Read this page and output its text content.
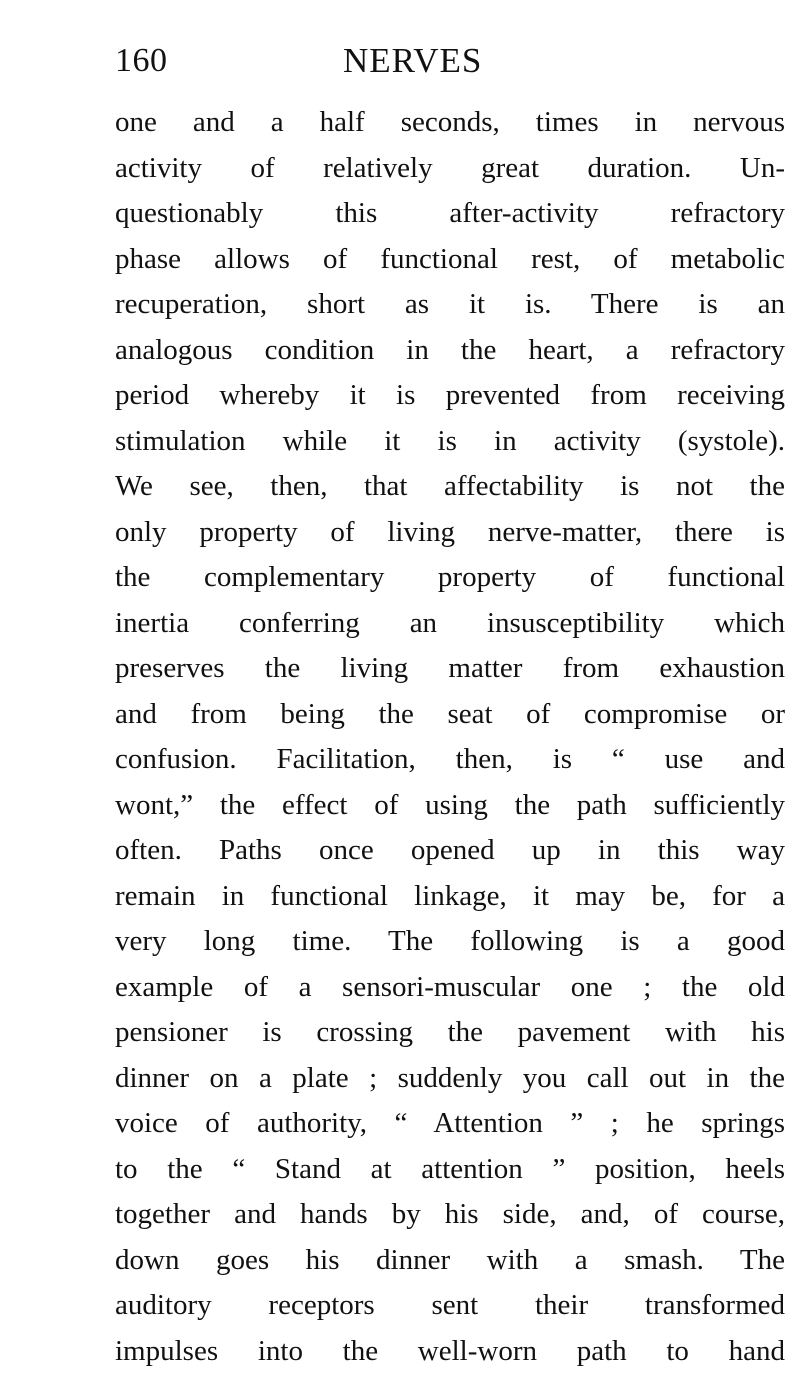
160	NERVES
one and a half seconds, times in nervous
activity of relatively great duration. Un-
questionably this after-activity refractory
phase allows of functional rest, of metabolic
recuperation, short as it is. There is an
analogous condition in the heart, a refractory
period whereby it is prevented from receiving
stimulation while it is in activity (systole).
We see, then, that affectability is not the
only property of living nerve-matter, there is
the complementary property of functional
inertia conferring an insusceptibility which
preserves the living matter from exhaustion
and from being the seat of compromise or
confusion. Facilitation, then, is “ use and
wont,” the effect of using the path sufficiently
often. Paths once opened up in this way
remain in functional linkage, it may be, for a
very long time. The following is a good
example of a sensori-muscular one ; the old
pensioner is crossing the pavement with his
dinner on a plate ; suddenly you call out in the
voice of authority, “ Attention ” ; he springs
to the “ Stand at attention ” position, heels
together and hands by his side, and, of course,
down goes his dinner with a smash. The
auditory receptors sent their transformed
impulses into the well-worn path to hand
